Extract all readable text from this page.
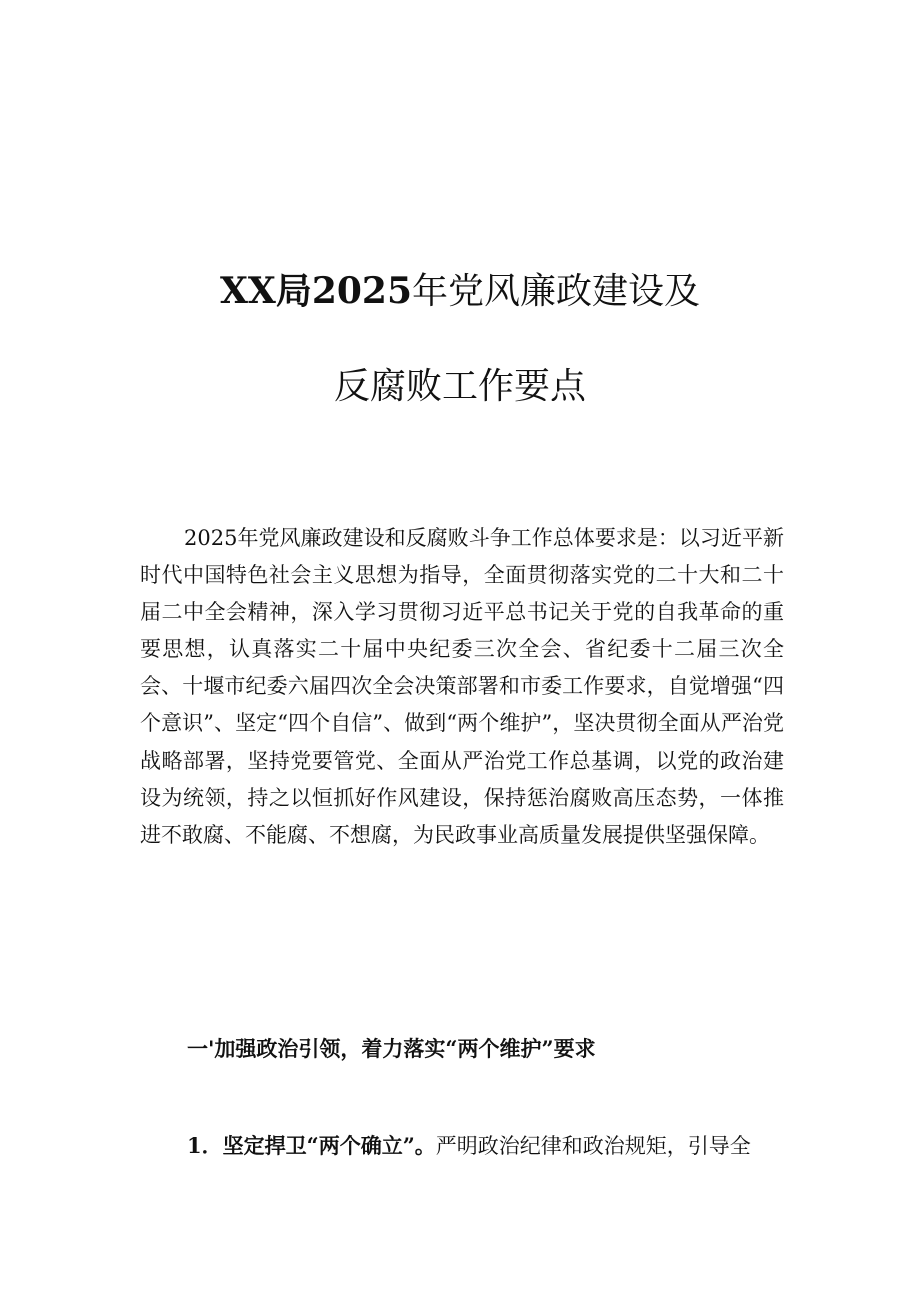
XX局2025年党风廉政建设及
反腐败工作要点

2025年党风廉政建设和反腐败斗争工作总体要求是：以习近平新时代中国特色社会主义思想为指导，全面贯彻落实党的二十大和二十届二中全会精神，深入学习贯彻习近平总书记关于党的自我革命的重要思想，认真落实二十届中央纪委三次全会、省纪委十二届三次全会、十堰市纪委六届四次全会决策部署和市委工作要求，自觉增强“四个意识”、坚定“四个自信”、做到“两个维护”，坚决贯彻全面从严治党战略部署，坚持党要管党、全面从严治党工作总基调，以党的政治建设为统领，持之以恒抓好作风建设，保持惩治腐败高压态势，一体推进不敢腐、不能腐、不想腐，为民政事业高质量发展提供坚强保障。

一'加强政治引领，着力落实“两个维护”要求
1．坚定捍卫“两个确立”。严明政治纪律和政治规矩，引导全
